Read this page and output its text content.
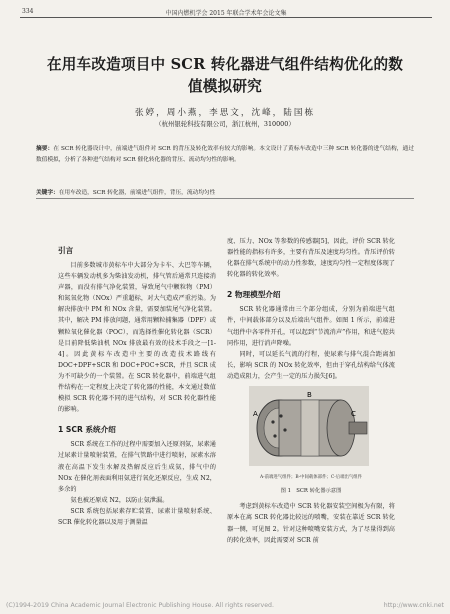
334	中国内燃机学会 2015 年联合学术年会论文集
在用车改造项目中 SCR 转化器进气组件结构优化的数值模拟研究
张婷，周小燕，李思文，沈峰，陆国栋
（杭州银轮科技有限公司，浙江杭州，310000）
摘要：在 SCR 转化器设计中，前端进气组件对 SCR 的背压及转化效率有较大的影响。本文设计了黄标车改造中三种 SCR 转化器的进气结构，通过数值模拟，分析了各种进气结构对 SCR 催化转化器的背压、流动均匀性的影响。
关键字：在用车改造，SCR 转化器，前端进气组件，背压，流动均匀性
引言

目前多数城市黄标车中大部分为卡车、大巴等车辆，这些车辆发动机多为柴油发动机，排气管后通常只连接消声器，而没有排气净化装置，导致尾气中颗粒物（PM）和氮氧化物（NOx）严重超标，对大气造成严重污染。为解决排放中 PM 和 NOx 含量，需要加装尾气净化装置。其中，解决 PM 排放问题，通常用颗粒捕集器（DPF）或颗粒氧化催化器（POC），而选择性催化转化器（SCR）是目前降低柴油机 NOx 排放最有效的技术手段之一[1-4]。因此黄标车改造中主要的改造技术路线有DOC+DPF+SCR 和 DOC+POC+SCR，并且 SCR 成为不可缺少的一个装置。在 SCR 转化器中，前端进气组件结构在一定程度上决定了转化器的性能，本文通过数值模拟 SCR 转化器不同的进气结构，对 SCR 转化器性能的影响。

1 SCR 系统介绍

SCR 系统在工作的过程中需要加入还原剂氨，尿素通过尿素计量喷射装置，在排气管路中进行喷射，尿素水溶液在高温下发生水解及热解反应后生成氨，排气中的 NOx 在催化剂表面利用氨进行氧化还原反应，生成 N2，多余的

氨也被还原成 N2，以防止氨泄漏。

SCR 系统包括尿素存贮装置、尿素计量喷射系统、SCR 催化转化器以及用于测量温

度、压力、NOx 等参数的传感器[5]，因此，评价 SCR 转化器性能的指标有许多，主要有背压及速度均匀性。背压评价转化器在排气系统中的动力性参数，速度均匀性一定程度体现了转化器的转化效率。

2 物理模型介绍

SCR 转化器通常由三个部分组成，分别为前端进气组件，中间载体部分以及后端出气组件。如图 1 所示，前端进气组件中各零件开孔，可以起到“节流消声”作用，和进气腔共同作用，进行消声降噪。

同时，可以延长气流的行程，使尿素与排气混合距离加长，影响 SCR 的 NOx 转化效率，但由于穿孔结构给气体流动造成阻力，会产生一定的压力损失[6]。

A
B
C
A-前端进气组件；B-中间载体部件；C-后端出气组件
图 1　SCR 转化器示意图

考虑到黄标车改造中 SCR 转化器安装空间极为有限，将原本在离 SCR 转化器比较远的喷嘴，安装在靠近 SCR 转化器一侧，可见图 2。针对这种喷嘴安装方式，为了尽量得到高的转化效率，因此需要对 SCR 前

(C)1994-2019 China Academic Journal Electronic Publishing House. All rights reserved.	http://www.cnki.net
